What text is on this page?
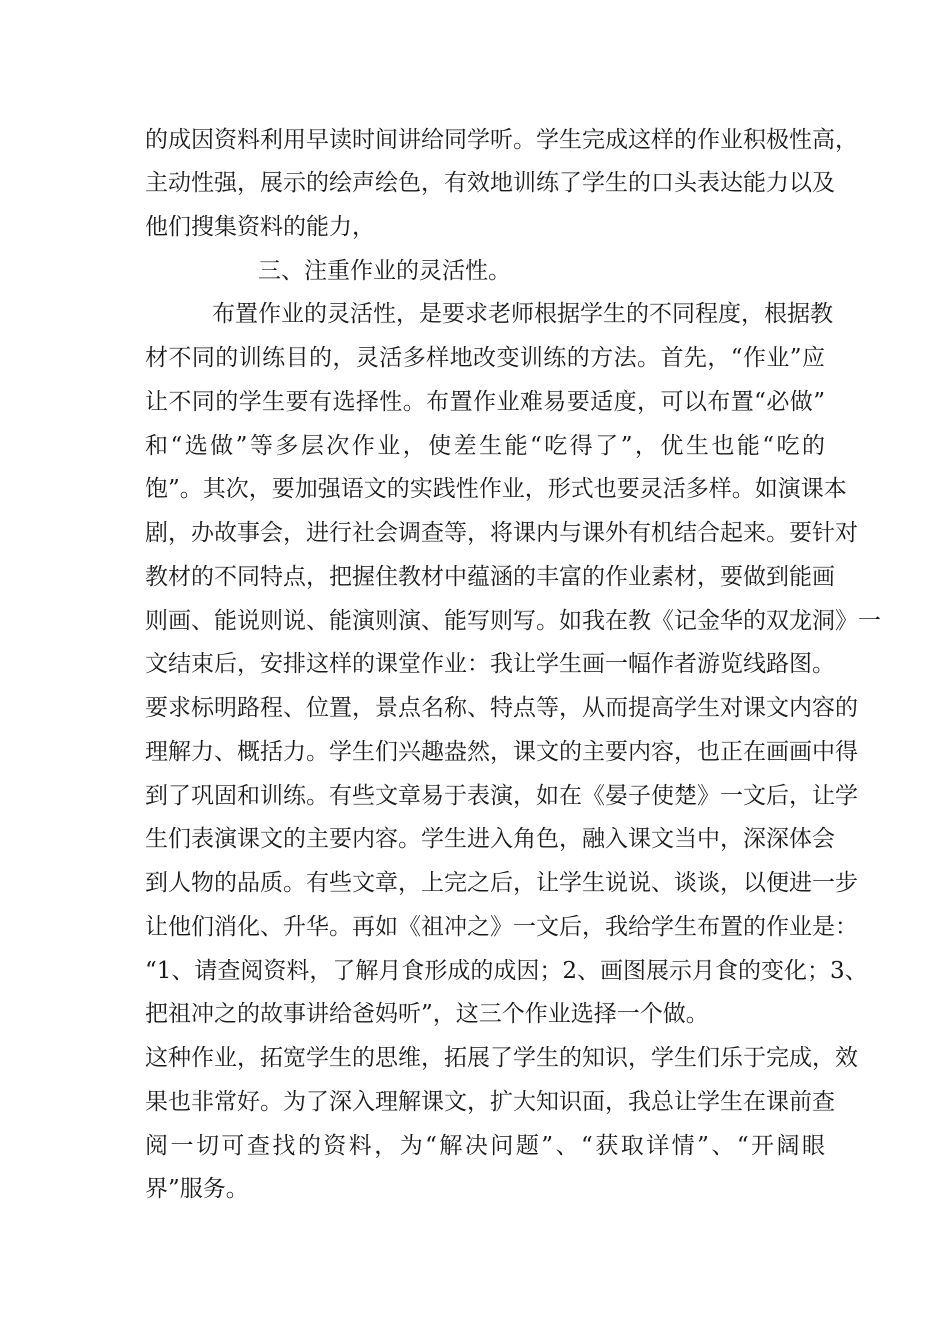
的成因资料利用早读时间讲给同学听。学生完成这样的作业积极性高，
主动性强，展示的绘声绘色，有效地训练了学生的口头表达能力以及
他们搜集资料的能力，
三、注重作业的灵活性。
布置作业的灵活性，是要求老师根据学生的不同程度，根据教
材不同的训练目的，灵活多样地改变训练的方法。首先，“作业”应
让不同的学生要有选择性。布置作业难易要适度，可以布置“必做”
和“选做”等多层次作业，使差生能“吃得了”，优生也能“吃的
饱”。其次，要加强语文的实践性作业，形式也要灵活多样。如演课本
剧，办故事会，进行社会调查等，将课内与课外有机结合起来。要针对
教材的不同特点，把握住教材中蕴涵的丰富的作业素材，要做到能画
则画、能说则说、能演则演、能写则写。如我在教《记金华的双龙洞》一
文结束后，安排这样的课堂作业：我让学生画一幅作者游览线路图。
要求标明路程、位置，景点名称、特点等，从而提高学生对课文内容的
理解力、概括力。学生们兴趣盎然，课文的主要内容，也正在画画中得
到了巩固和训练。有些文章易于表演，如在《晏子使楚》一文后，让学
生们表演课文的主要内容。学生进入角色，融入课文当中，深深体会
到人物的品质。有些文章，上完之后，让学生说说、谈谈，以便进一步
让他们消化、升华。再如《祖冲之》一文后，我给学生布置的作业是：
“1、请查阅资料，了解月食形成的成因；2、画图展示月食的变化；3、
把祖冲之的故事讲给爸妈听”，这三个作业选择一个做。
这种作业，拓宽学生的思维，拓展了学生的知识，学生们乐于完成，效
果也非常好。为了深入理解课文，扩大知识面，我总让学生在课前查
阅一切可查找的资料，为“解决问题”、“获取详情”、“开阔眼
界”服务。
